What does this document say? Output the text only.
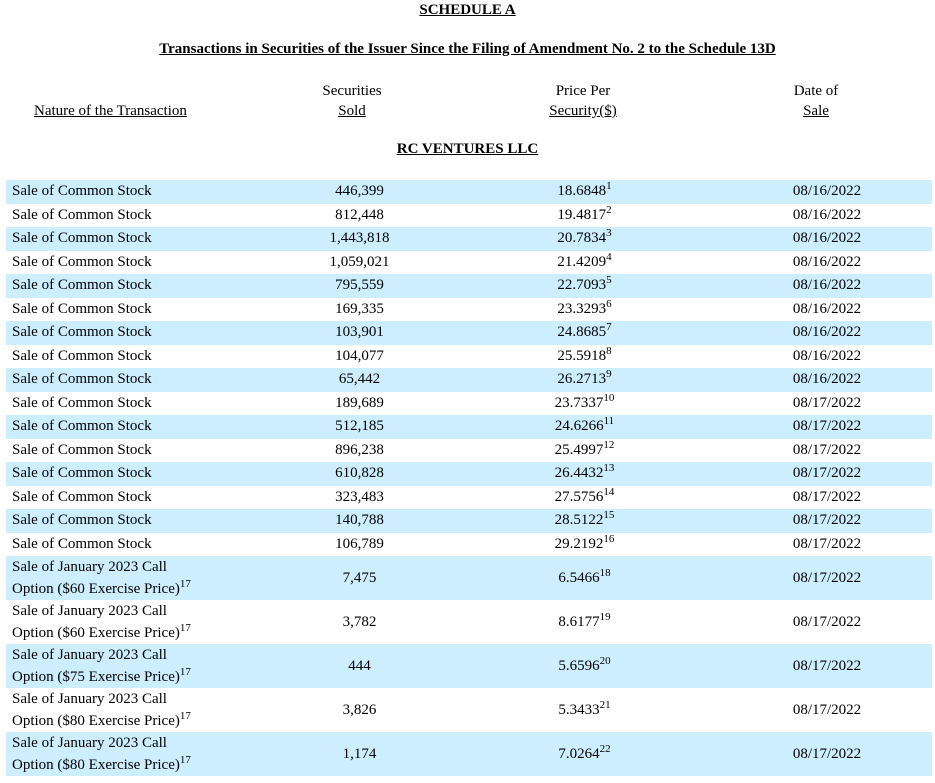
SCHEDULE A
Transactions in Securities of the Issuer Since the Filing of Amendment No. 2 to the Schedule 13D
Nature of the Transaction
Securities
Sold
Price Per
Security($)
Date of
Sale
RC VENTURES LLC
Sale of Common Stock	446,399		18.6848$^1$		08/16/2022
Sale of Common Stock	812,448		19.4817$^2$		08/16/2022
Sale of Common Stock	1,443,818		20.7834$^3$		08/16/2022
Sale of Common Stock	1,059,021		21.4209$^4$		08/16/2022
Sale of Common Stock	795,559		22.7093$^5$		08/16/2022
Sale of Common Stock	169,335		23.3293$^6$		08/16/2022
Sale of Common Stock	103,901		24.8685$^7$		08/16/2022
Sale of Common Stock	104,077		25.5918$^8$		08/16/2022
Sale of Common Stock	65,442		26.2713$^9$		08/16/2022
Sale of Common Stock	189,689		23.7337$^{10}$		08/17/2022
Sale of Common Stock	512,185		24.6266$^{11}$		08/17/2022
Sale of Common Stock	896,238		25.4997$^{12}$		08/17/2022
Sale of Common Stock	610,828		26.4432$^{13}$		08/17/2022
Sale of Common Stock	323,483		27.5756$^{14}$		08/17/2022
Sale of Common Stock	140,788		28.5122$^{15}$		08/17/2022
Sale of Common Stock	106,789		29.2192$^{16}$		08/17/2022
Sale of January 2023 Call
Option ($60 Exercise Price)$^{17}$	7,475		6.5466$^{18}$		08/17/2022
Sale of January 2023 Call
Option ($60 Exercise Price)$^{17}$	3,782		8.6177$^{19}$		08/17/2022
Sale of January 2023 Call
Option ($75 Exercise Price)$^{17}$	444		5.6596$^{20}$		08/17/2022
Sale of January 2023 Call
Option ($80 Exercise Price)$^{17}$	3,826		5.3433$^{21}$		08/17/2022
Sale of January 2023 Call
Option ($80 Exercise Price)$^{17}$	1,174		7.0264$^{22}$		08/17/2022
